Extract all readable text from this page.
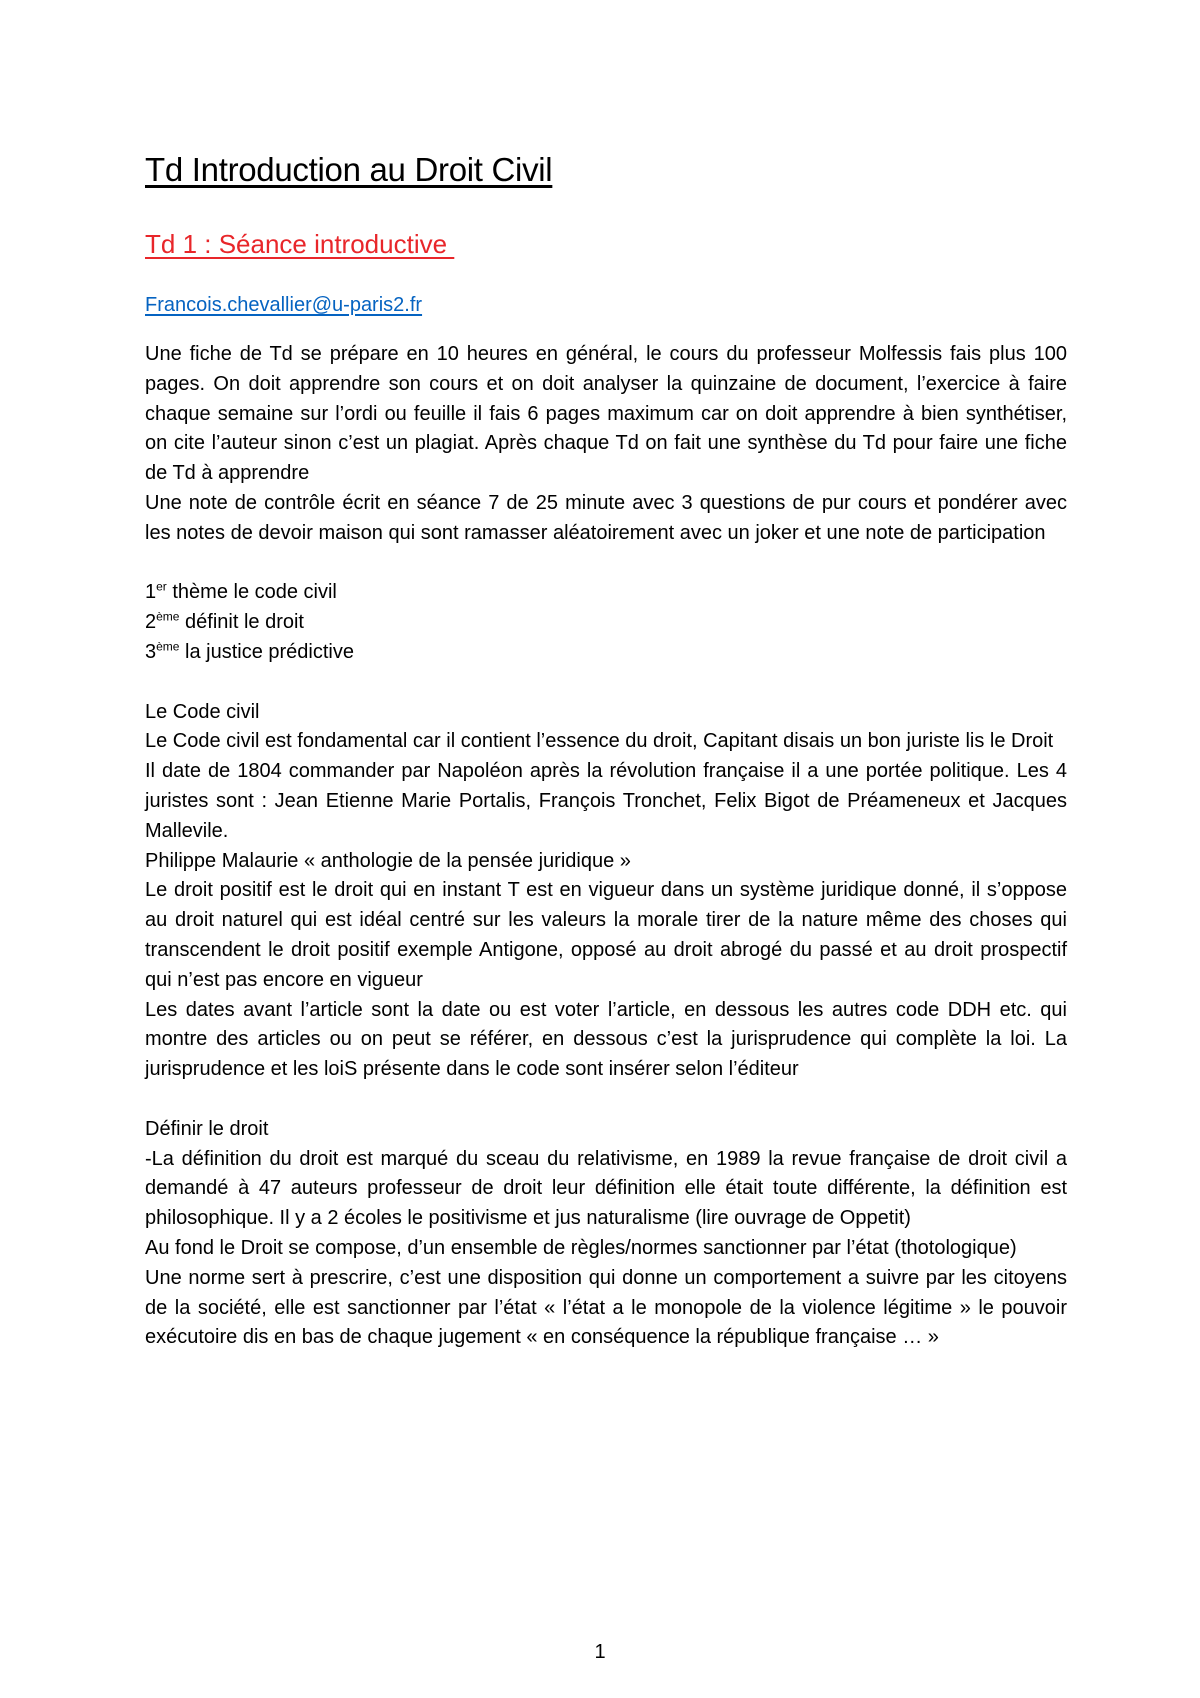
Td Introduction au Droit Civil
Td 1 : Séance introductive
Francois.chevallier@u-paris2.fr

Une fiche de Td se prépare en 10 heures en général, le cours du professeur Molfessis fais plus 100 pages. On doit apprendre son cours et on doit analyser la quinzaine de document, l’exercice à faire chaque semaine sur l’ordi ou feuille il fais 6 pages maximum car on doit apprendre à bien synthétiser, on cite l’auteur sinon c’est un plagiat. Après chaque Td on fait une synthèse du Td pour faire une fiche de Td à apprendre

Une note de contrôle écrit en séance 7 de 25 minute avec 3 questions de pur cours et pondérer avec les notes de devoir maison qui sont ramasser aléatoirement avec un joker et une note de participation

1er thème le code civil
2ème définit le droit
3ème la justice prédictive
Le Code civil

Le Code civil est fondamental car il contient l’essence du droit, Capitant disais un bon juriste lis le Droit

Il date de 1804 commander par Napoléon après la révolution française il a une portée politique. Les 4 juristes sont : Jean Etienne Marie Portalis, François Tronchet, Felix Bigot de Préameneux et Jacques Mallevile.

Philippe Malaurie « anthologie de la pensée juridique »

Le droit positif est le droit qui en instant T est en vigueur dans un système juridique donné, il s’oppose au droit naturel qui est idéal centré sur les valeurs la morale tirer de la nature même des choses qui transcendent le droit positif exemple Antigone, opposé au droit abrogé du passé et au droit prospectif qui n’est pas encore en vigueur

Les dates avant l’article sont la date ou est voter l’article, en dessous les autres code DDH etc. qui montre des articles ou on peut se référer, en dessous c’est la jurisprudence qui complète la loi. La jurisprudence et les loiS présente dans le code sont insérer selon l’éditeur

Définir le droit

-La définition du droit est marqué du sceau du relativisme, en 1989 la revue française de droit civil a demandé à 47 auteurs professeur de droit leur définition elle était toute différente, la définition est philosophique. Il y a 2 écoles le positivisme et jus naturalisme (lire ouvrage de Oppetit)

Au fond le Droit se compose, d’un ensemble de règles/normes sanctionner par l’état (thotologique)

Une norme sert à prescrire, c’est une disposition qui donne un comportement a suivre par les citoyens de la société, elle est sanctionner par l’état « l’état a le monopole de la violence légitime » le pouvoir exécutoire dis en bas de chaque jugement « en conséquence la république française … »

1
